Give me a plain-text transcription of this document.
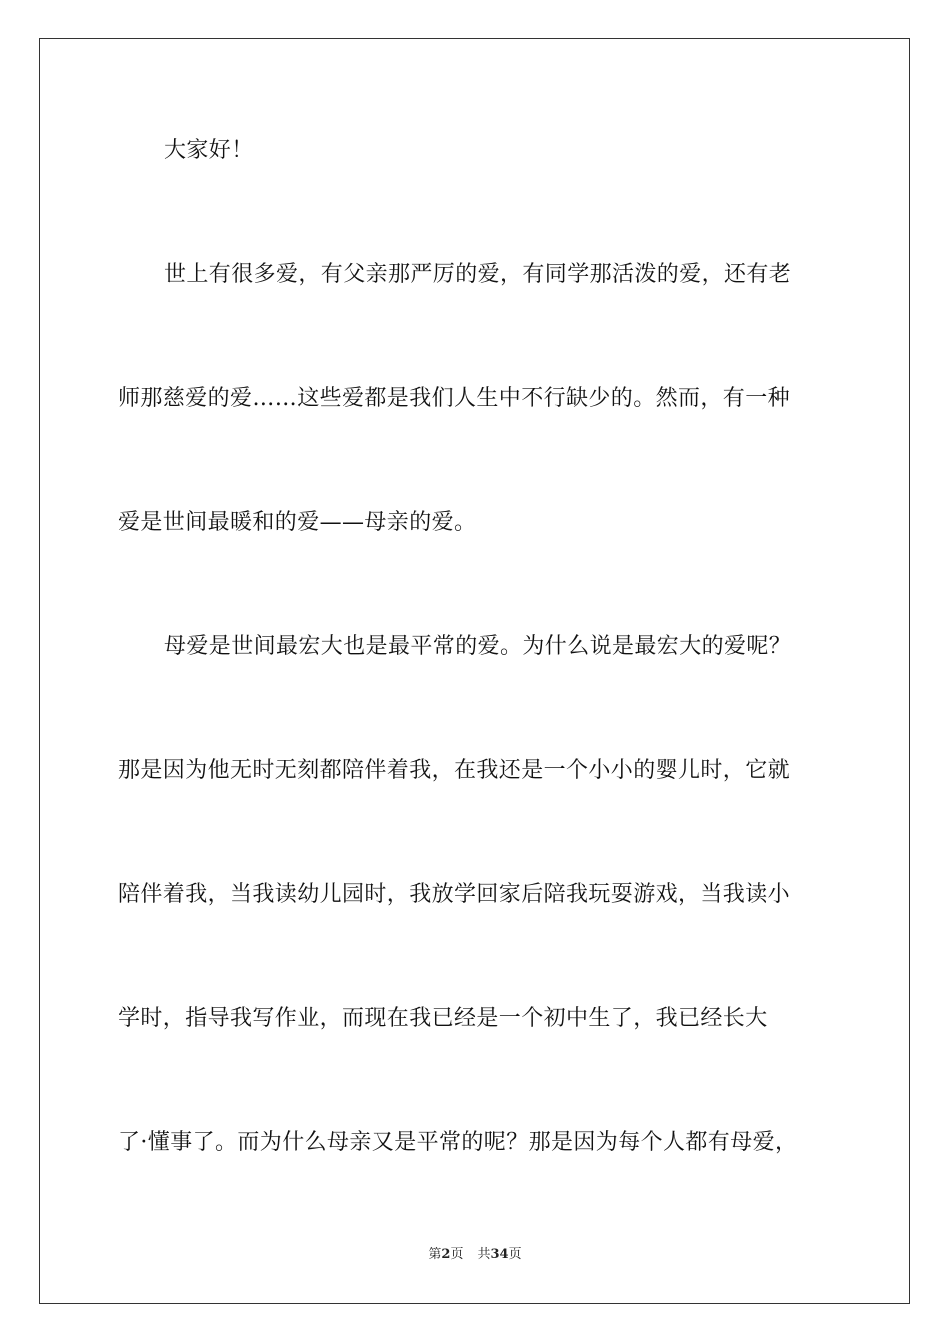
大家好！
世上有很多爱，有父亲那严厉的爱，有同学那活泼的爱，还有老
师那慈爱的爱……这些爱都是我们人生中不行缺少的。然而，有一种
爱是世间最暖和的爱——母亲的爱。
母爱是世间最宏大也是最平常的爱。为什么说是最宏大的爱呢？
那是因为他无时无刻都陪伴着我，在我还是一个小小的婴儿时，它就
陪伴着我，当我读幼儿园时，我放学回家后陪我玩耍游戏，当我读小
学时，指导我写作业，而现在我已经是一个初中生了，我已经长大
了·懂事了。而为什么母亲又是平常的呢？那是因为每个人都有母爱，
第2页 共34页
